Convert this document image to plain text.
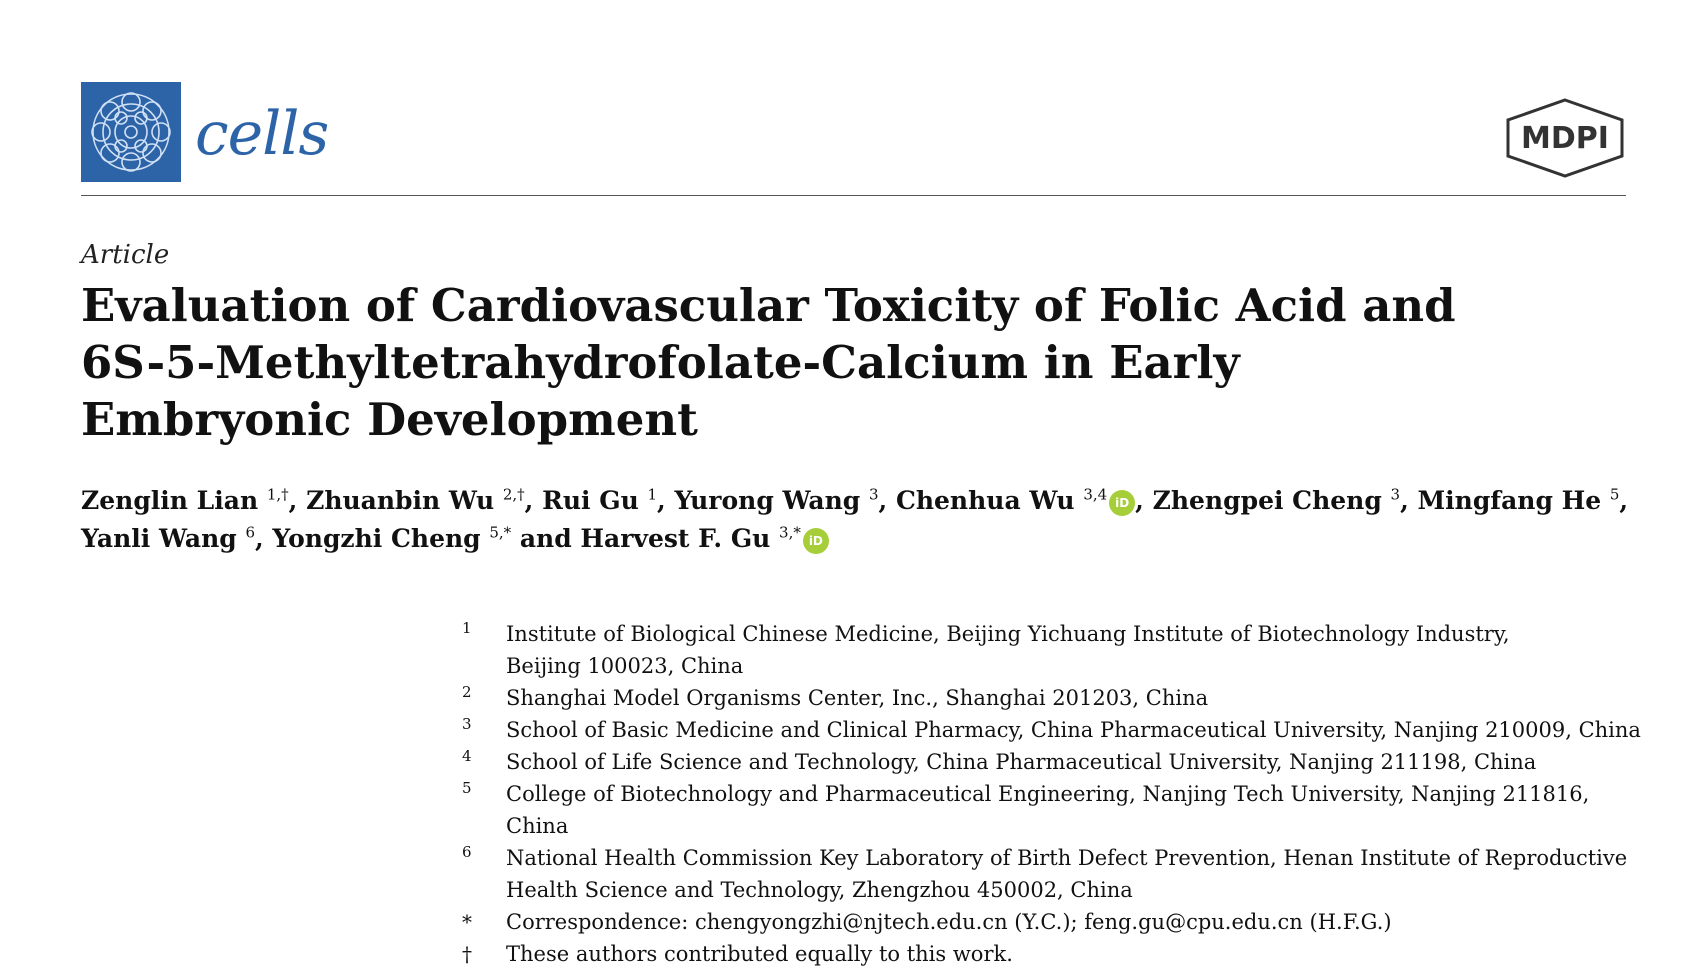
cells	MDPI
Article
Evaluation of Cardiovascular Toxicity of Folic Acid and 6S-5-Methyltetrahydrofolate-Calcium in Early Embryonic Development
Zenglin Lian $^{1,\dagger}$, Zhuanbin Wu $^{2,\dagger}$, Rui Gu $^1$, Yurong Wang $^3$, Chenhua Wu $^{3,4}$ iD , Zhengpei Cheng $^3$, Mingfang He $^5$,
Yanli Wang $^6$, Yongzhi Cheng $^{5,*}$ and Harvest F. Gu $^{3,*}$ iD
1 Institute of Biological Chinese Medicine, Beijing Yichuang Institute of Biotechnology Industry,
Beijing 100023, China
2 Shanghai Model Organisms Center, Inc., Shanghai 201203, China
3 School of Basic Medicine and Clinical Pharmacy, China Pharmaceutical University, Nanjing 210009, China
4 School of Life Science and Technology, China Pharmaceutical University, Nanjing 211198, China
5 College of Biotechnology and Pharmaceutical Engineering, Nanjing Tech University, Nanjing 211816, China
6 National Health Commission Key Laboratory of Birth Defect Prevention, Henan Institute of Reproductive
Health Science and Technology, Zhengzhou 450002, China
* Correspondence: chengyongzhi@njtech.edu.cn (Y.C.); feng.gu@cpu.edu.cn (H.F.G.)
† These authors contributed equally to this work.
